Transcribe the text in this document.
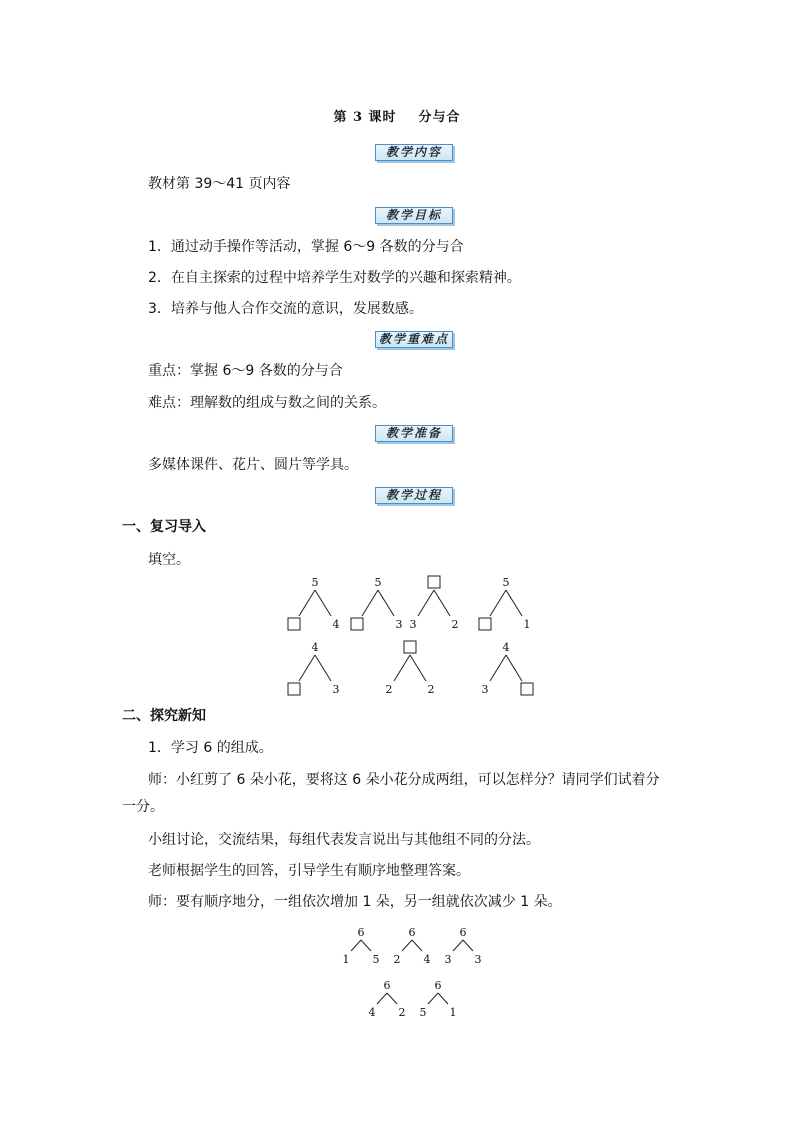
第 3 课时 分与合
教学内容
教材第 39～41 页内容
教学目标
1．通过动手操作等活动，掌握 6～9 各数的分与合
2．在自主探索的过程中培养学生对数学的兴趣和探索精神。
3．培养与他人合作交流的意识，发展数感。
教学重难点
重点：掌握 6～9 各数的分与合
难点：理解数的组成与数之间的关系。
教学准备
多媒体课件、花片、圆片等学具。
教学过程
一、复习导入
填空。
5
4
5
3 3	2
5
1
4
3	2	2
4
3
二、探究新知
1．学习 6 的组成。
师：小红剪了 6 朵小花，要将这 6 朵小花分成两组，可以怎样分？请同学们试着分一分。
小组讨论，交流结果，每组代表发言说出与其他组不同的分法。
老师根据学生的回答，引导学生有顺序地整理答案。
师：要有顺序地分，一组依次增加 1 朵，另一组就依次减少 1 朵。
6
1 5
6
2 4
6
3 3
6
4 2
6
5 1
